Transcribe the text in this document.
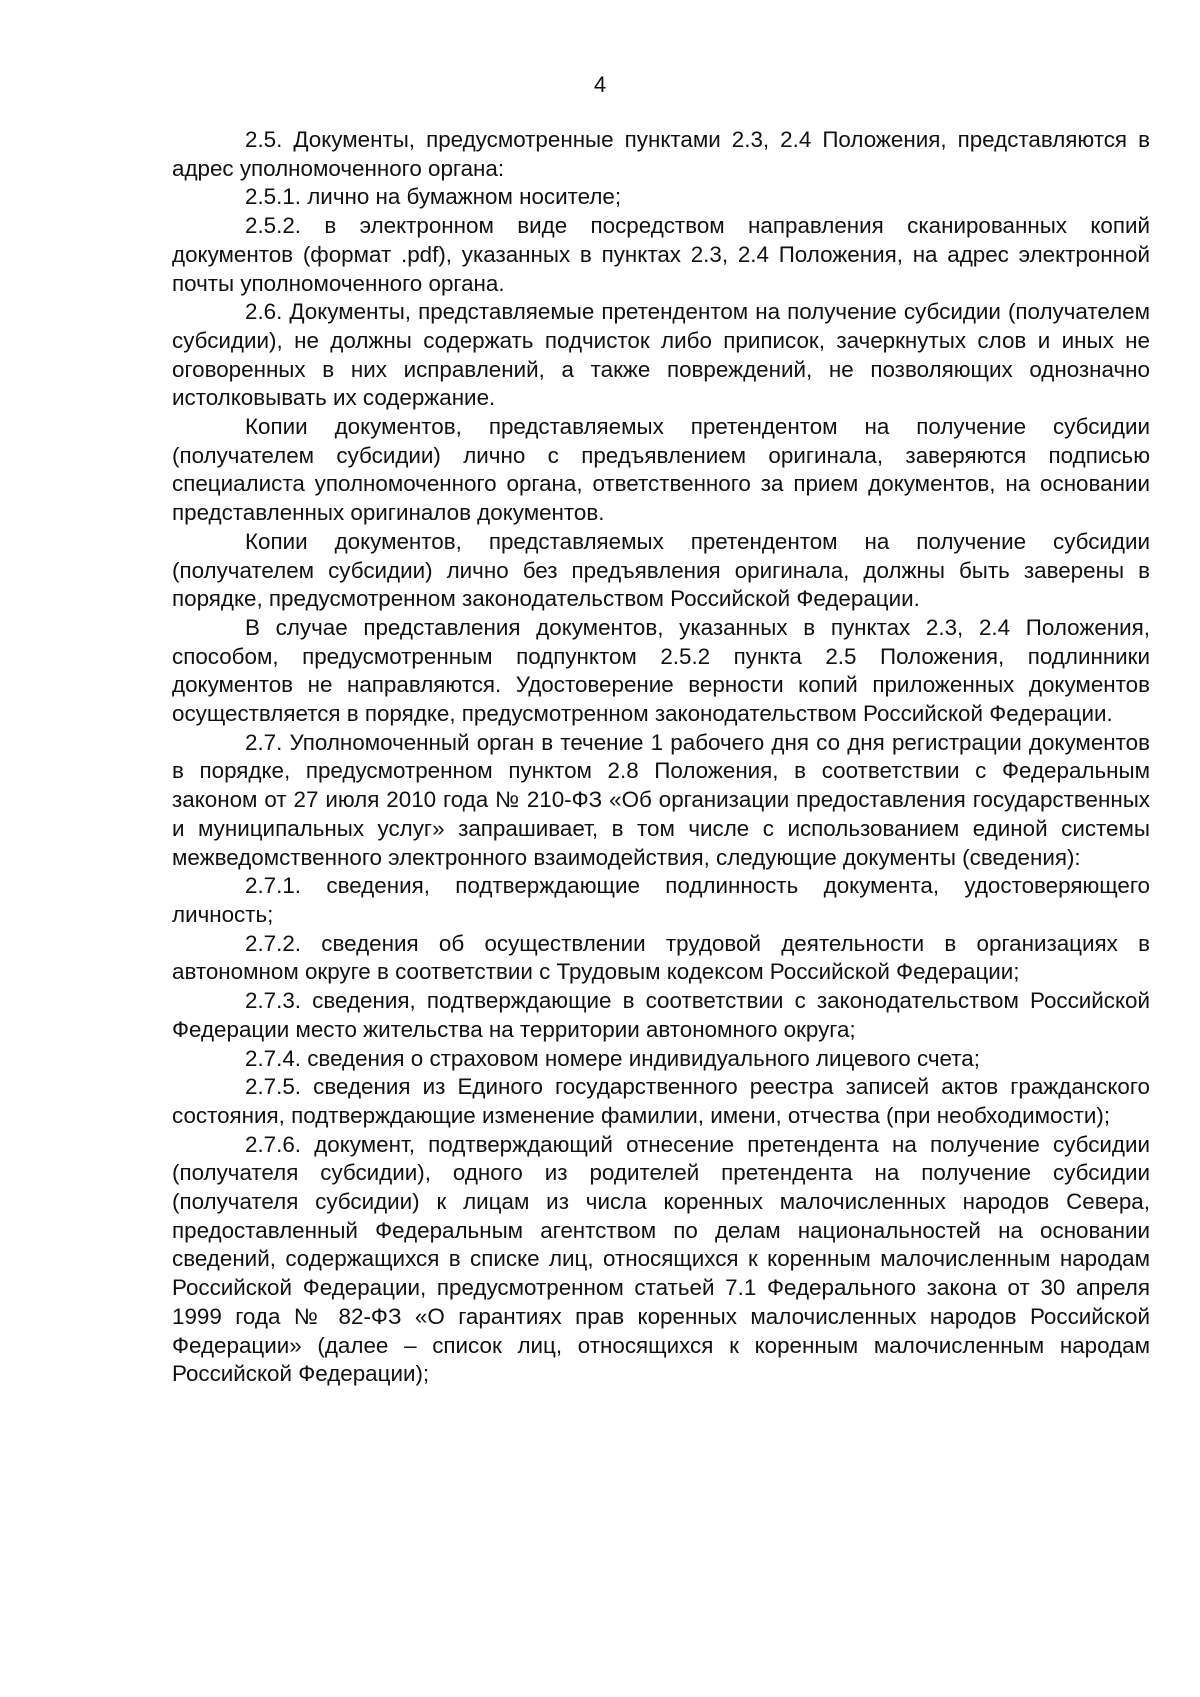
4

2.5. Документы, предусмотренные пунктами 2.3, 2.4 Положения, представляются в адрес уполномоченного органа:

2.5.1. лично на бумажном носителе;

2.5.2. в электронном виде посредством направления сканированных копий документов (формат .pdf), указанных в пунктах 2.3, 2.4 Положения, на адрес электронной почты уполномоченного органа.

2.6. Документы, представляемые претендентом на получение субсидии (получателем субсидии), не должны содержать подчисток либо приписок, зачеркнутых слов и иных не оговоренных в них исправлений, а также повреждений, не позволяющих однозначно истолковывать их содержание.

Копии документов, представляемых претендентом на получение субсидии (получателем субсидии) лично с предъявлением оригинала, заверяются подписью специалиста уполномоченного органа, ответственного за прием документов, на основании представленных оригиналов документов.

Копии документов, представляемых претендентом на получение субсидии (получателем субсидии) лично без предъявления оригинала, должны быть заверены в порядке, предусмотренном законодательством Российской Федерации.

В случае представления документов, указанных в пунктах 2.3, 2.4 Положения, способом, предусмотренным подпунктом 2.5.2 пункта 2.5 Положения, подлинники документов не направляются. Удостоверение верности копий приложенных документов осуществляется в порядке, предусмотренном законодательством Российской Федерации.

2.7. Уполномоченный орган в течение 1 рабочего дня со дня регистрации документов в порядке, предусмотренном пунктом 2.8 Положения, в соответствии с Федеральным законом от 27 июля 2010 года № 210-ФЗ «Об организации предоставления государственных и муниципальных услуг» запрашивает, в том числе с использованием единой системы межведомственного электронного взаимодействия, следующие документы (сведения):

2.7.1. сведения, подтверждающие подлинность документа, удостоверяющего личность;

2.7.2. сведения об осуществлении трудовой деятельности в организациях в автономном округе в соответствии с Трудовым кодексом Российской Федерации;

2.7.3. сведения, подтверждающие в соответствии с законодательством Российской Федерации место жительства на территории автономного округа;

2.7.4. сведения о страховом номере индивидуального лицевого счета;

2.7.5. сведения из Единого государственного реестра записей актов гражданского состояния, подтверждающие изменение фамилии, имени, отчества (при необходимости);

2.7.6. документ, подтверждающий отнесение претендента на получение субсидии (получателя субсидии), одного из родителей претендента на получение субсидии (получателя субсидии) к лицам из числа коренных малочисленных народов Севера, предоставленный Федеральным агентством по делам национальностей на основании сведений, содержащихся в списке лиц, относящихся к коренным малочисленным народам Российской Федерации, предусмотренном статьей 7.1 Федерального закона от 30 апреля 1999 года № 82-ФЗ «О гарантиях прав коренных малочисленных народов Российской Федерации» (далее – список лиц, относящихся к коренным малочисленным народам Российской Федерации);
